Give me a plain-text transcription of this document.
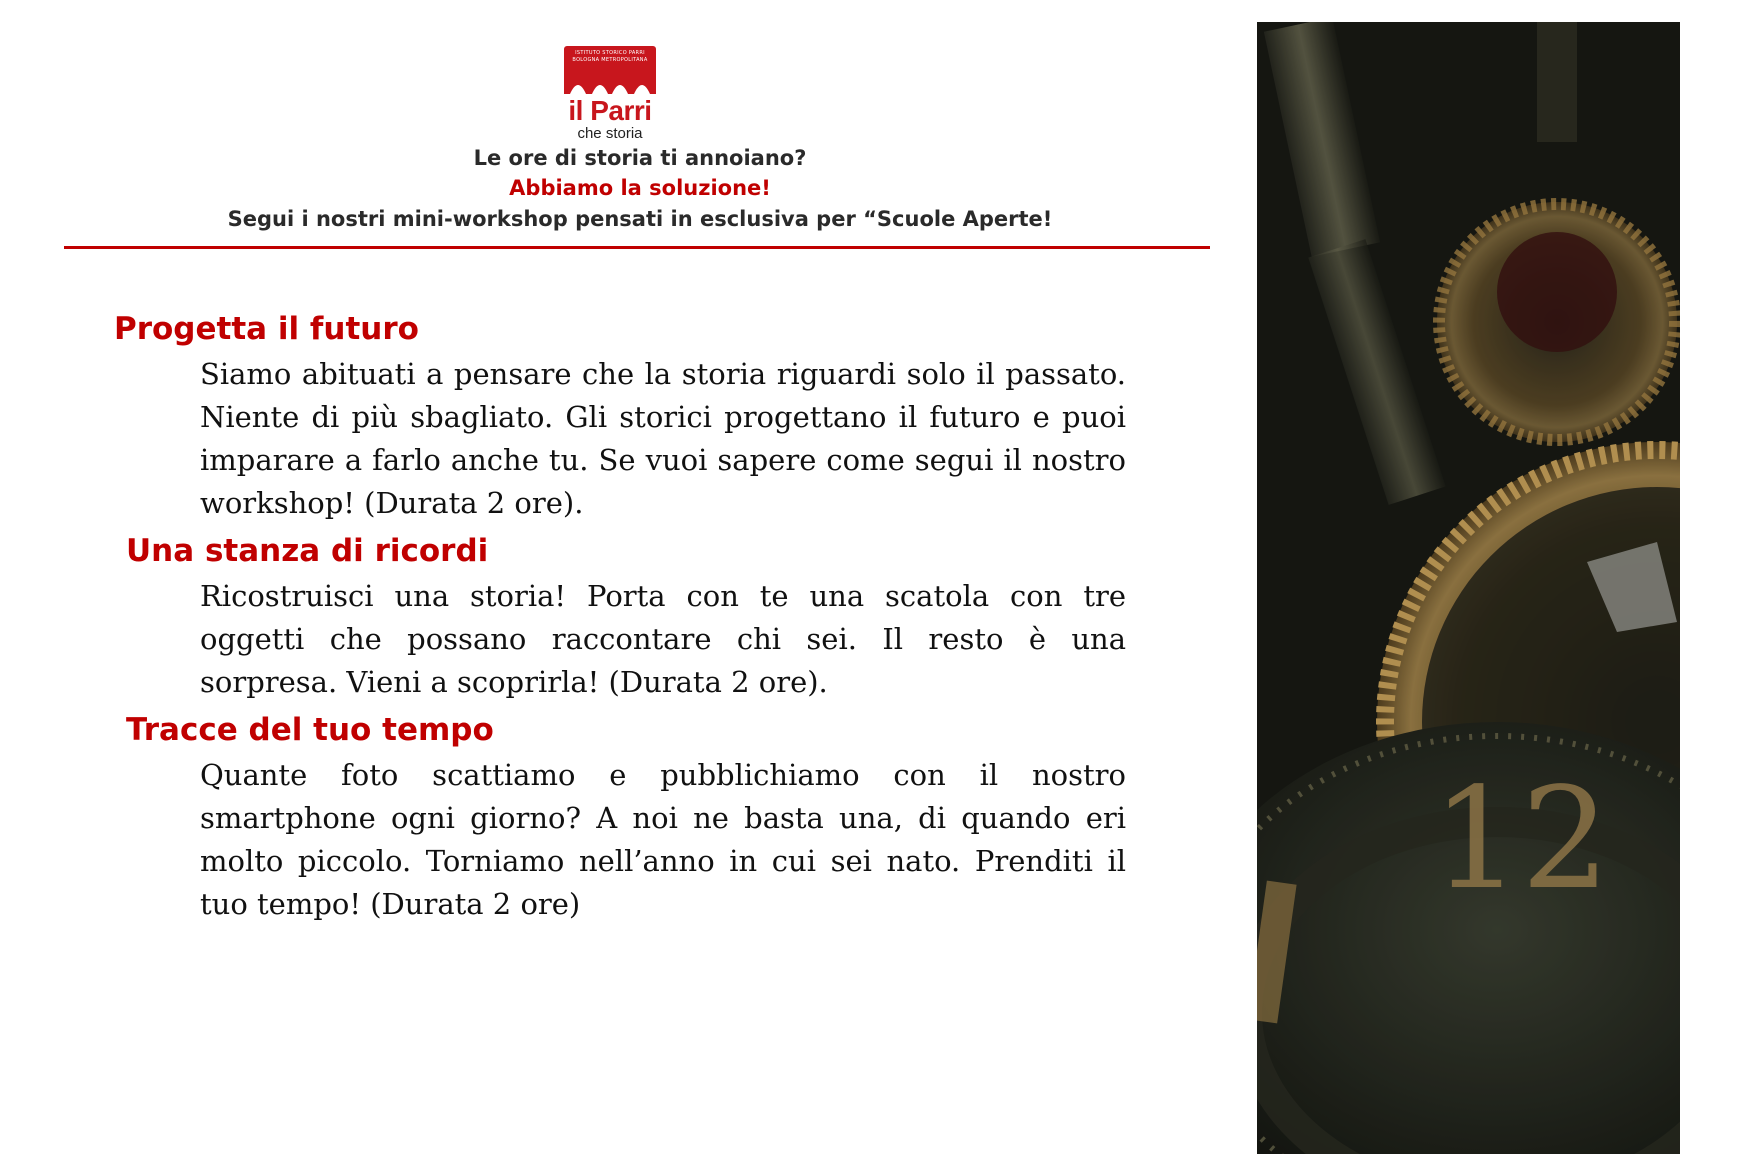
ISTITUTO STORICO PARRI BOLOGNA METROPOLITANA
il Parri
che storia
Le ore di storia ti annoiano?
Abbiamo la soluzione!
Segui i nostri mini-workshop pensati in esclusiva per “Scuole Aperte!
Progetta il futuro

Siamo abituati a pensare che la storia riguardi solo il passato. Niente di più sbagliato. Gli storici progettano il futuro e puoi imparare a farlo anche tu. Se vuoi sapere come segui il nostro workshop! (Durata 2 ore).

Una stanza di ricordi

Ricostruisci una storia! Porta con te una scatola con tre oggetti che possano raccontare chi sei. Il resto è una sorpresa. Vieni a scoprirla! (Durata 2 ore).

Tracce del tuo tempo

Quante foto scattiamo e pubblichiamo con il nostro smartphone ogni giorno? A noi ne basta una, di quando eri molto piccolo. Torniamo nell’anno in cui sei nato. Prenditi il tuo tempo! (Durata 2 ore)	12
